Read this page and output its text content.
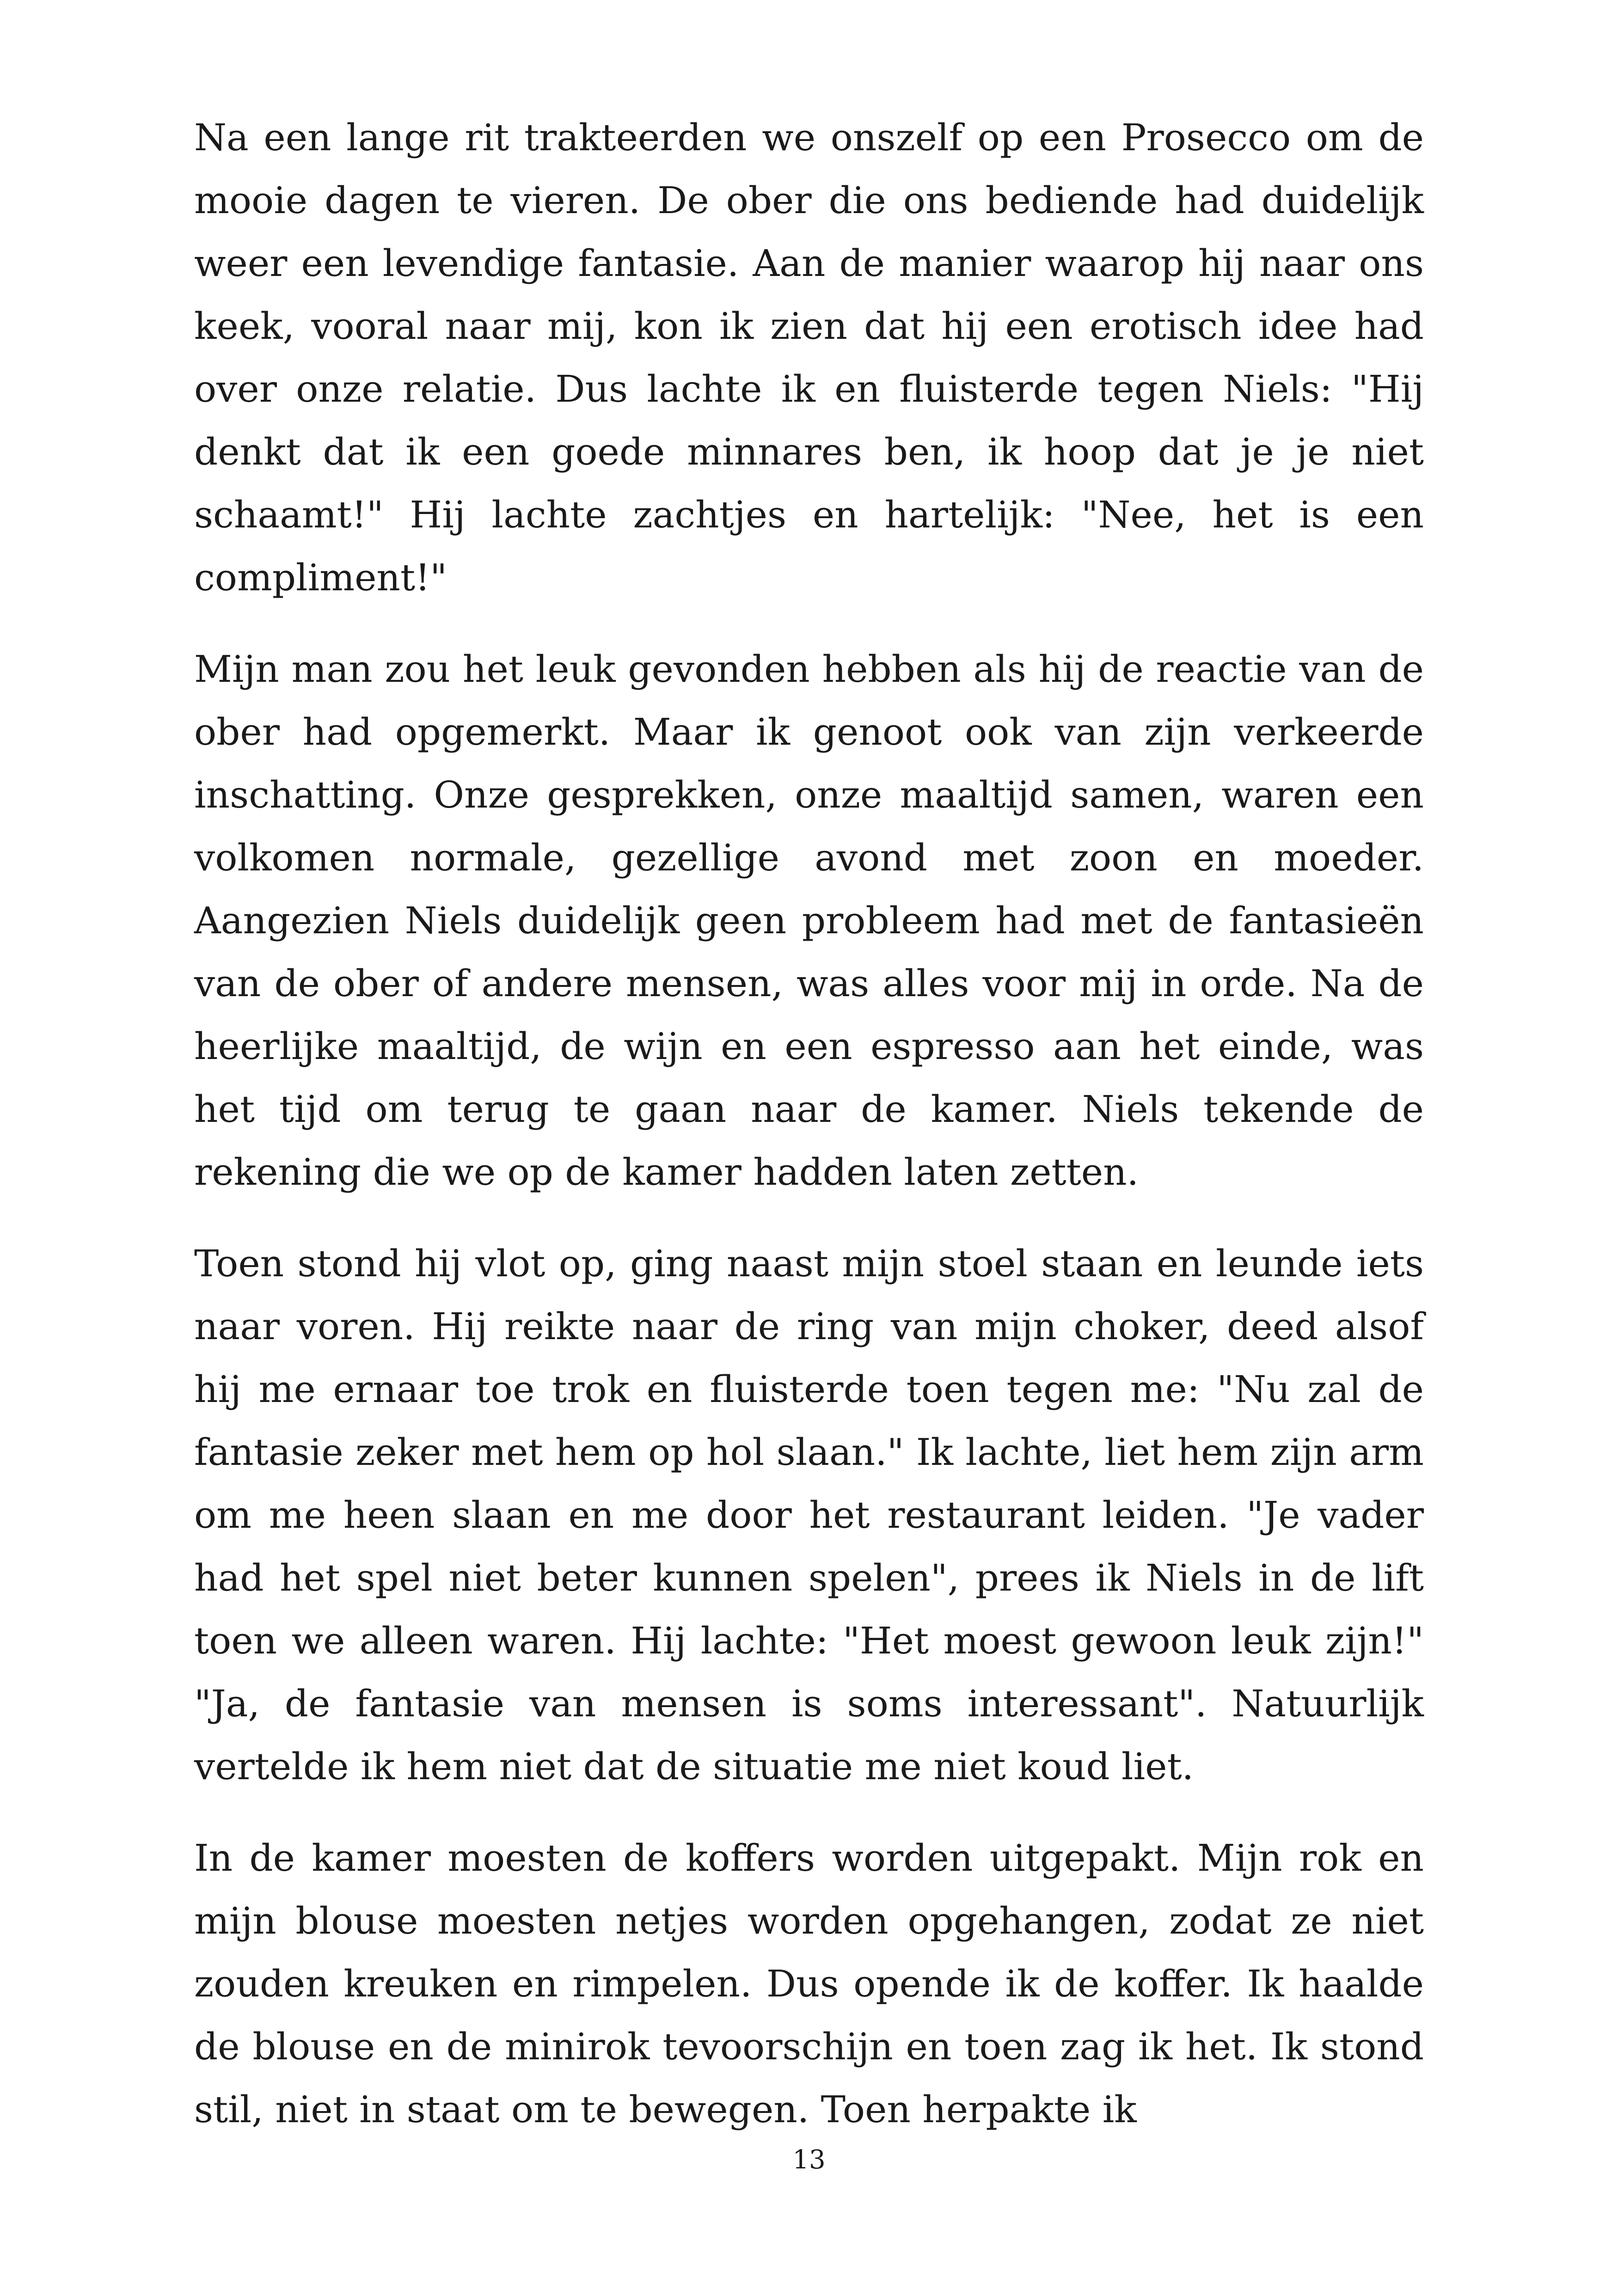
Na een lange rit trakteerden we onszelf op een Prosecco om de mooie dagen te vieren. De ober die ons bediende had duidelijk weer een levendige fantasie. Aan de manier waarop hij naar ons keek, vooral naar mij, kon ik zien dat hij een erotisch idee had over onze relatie. Dus lachte ik en fluisterde tegen Niels: "Hij denkt dat ik een goede minnares ben, ik hoop dat je je niet schaamt!" Hij lachte zachtjes en hartelijk: "Nee, het is een compliment!"

Mijn man zou het leuk gevonden hebben als hij de reactie van de ober had opgemerkt. Maar ik genoot ook van zijn verkeerde inschatting. Onze gesprekken, onze maaltijd samen, waren een volkomen normale, gezellige avond met zoon en moeder. Aangezien Niels duidelijk geen probleem had met de fantasieën van de ober of andere mensen, was alles voor mij in orde. Na de heerlijke maaltijd, de wijn en een espresso aan het einde, was het tijd om terug te gaan naar de kamer. Niels tekende de rekening die we op de kamer hadden laten zetten.

Toen stond hij vlot op, ging naast mijn stoel staan en leunde iets naar voren. Hij reikte naar de ring van mijn choker, deed alsof hij me ernaar toe trok en fluisterde toen tegen me: "Nu zal de fantasie zeker met hem op hol slaan." Ik lachte, liet hem zijn arm om me heen slaan en me door het restaurant leiden. "Je vader had het spel niet beter kunnen spelen", prees ik Niels in de lift toen we alleen waren. Hij lachte: "Het moest gewoon leuk zijn!" "Ja, de fantasie van mensen is soms interessant". Natuurlijk vertelde ik hem niet dat de situatie me niet koud liet.

In de kamer moesten de koffers worden uitgepakt. Mijn rok en mijn blouse moesten netjes worden opgehangen, zodat ze niet zouden kreuken en rimpelen. Dus opende ik de koffer. Ik haalde de blouse en de minirok tevoorschijn en toen zag ik het. Ik stond stil, niet in staat om te bewegen. Toen herpakte ik

13
